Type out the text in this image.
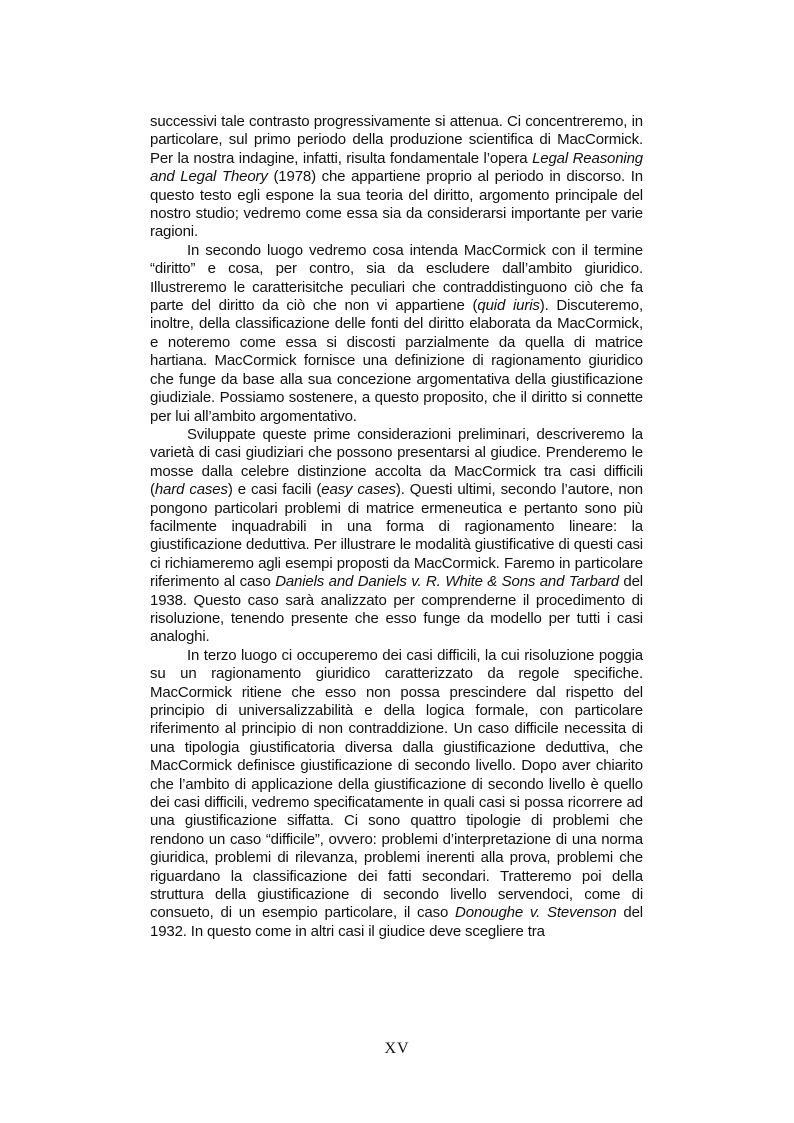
successivi tale contrasto progressivamente si attenua. Ci concentreremo, in particolare, sul primo periodo della produzione scientifica di MacCormick. Per la nostra indagine, infatti, risulta fondamentale l’opera Legal Reasoning and Legal Theory (1978) che appartiene proprio al periodo in discorso. In questo testo egli espone la sua teoria del diritto, argomento principale del nostro studio; vedremo come essa sia da considerarsi importante per varie ragioni.

In secondo luogo vedremo cosa intenda MacCormick con il termine “diritto” e cosa, per contro, sia da escludere dall’ambito giuridico. Illustreremo le caratterisitche peculiari che contraddistinguono ciò che fa parte del diritto da ciò che non vi appartiene (quid iuris). Discuteremo, inoltre, della classificazione delle fonti del diritto elaborata da MacCormick, e noteremo come essa si discosti parzialmente da quella di matrice hartiana. MacCormick fornisce una definizione di ragionamento giuridico che funge da base alla sua concezione argomentativa della giustificazione giudiziale. Possiamo sostenere, a questo proposito, che il diritto si connette per lui all’ambito argomentativo.

Sviluppate queste prime considerazioni preliminari, descriveremo la varietà di casi giudiziari che possono presentarsi al giudice. Prenderemo le mosse dalla celebre distinzione accolta da MacCormick tra casi difficili (hard cases) e casi facili (easy cases). Questi ultimi, secondo l’autore, non pongono particolari problemi di matrice ermeneutica e pertanto sono più facilmente inquadrabili in una forma di ragionamento lineare: la giustificazione deduttiva. Per illustrare le modalità giustificative di questi casi ci richiameremo agli esempi proposti da MacCormick. Faremo in particolare riferimento al caso Daniels and Daniels v. R. White & Sons and Tarbard del 1938. Questo caso sarà analizzato per comprenderne il procedimento di risoluzione, tenendo presente che esso funge da modello per tutti i casi analoghi.

In terzo luogo ci occuperemo dei casi difficili, la cui risoluzione poggia su un ragionamento giuridico caratterizzato da regole specifiche. MacCormick ritiene che esso non possa prescindere dal rispetto del principio di universalizzabilità e della logica formale, con particolare riferimento al principio di non contraddizione. Un caso difficile necessita di una tipologia giustificatoria diversa dalla giustificazione deduttiva, che MacCormick definisce giustificazione di secondo livello. Dopo aver chiarito che l’ambito di applicazione della giustificazione di secondo livello è quello dei casi difficili, vedremo specificatamente in quali casi si possa ricorrere ad una giustificazione siffatta. Ci sono quattro tipologie di problemi che rendono un caso “difficile”, ovvero: problemi d’interpretazione di una norma giuridica, problemi di rilevanza, problemi inerenti alla prova, problemi che riguardano la classificazione dei fatti secondari. Tratteremo poi della struttura della giustificazione di secondo livello servendoci, come di consueto, di un esempio particolare, il caso Donoughe v. Stevenson del 1932. In questo come in altri casi il giudice deve scegliere tra

XV
